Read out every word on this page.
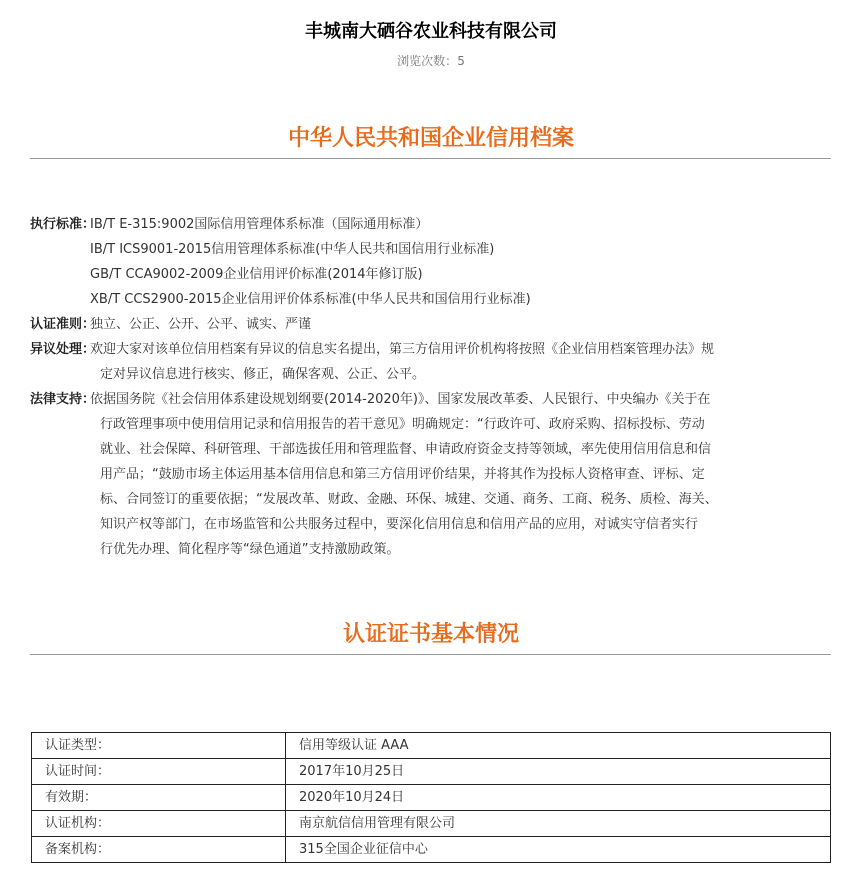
丰城南大硒谷农业科技有限公司
浏览次数：5
中华人民共和国企业信用档案
执行标准：
IB/T E-315:9002国际信用管理体系标准（国际通用标准）
IB/T ICS9001-2015信用管理体系标准(中华人民共和国信用行业标准)
GB/T CCA9002-2009企业信用评价标准(2014年修订版)
XB/T CCS2900-2015企业信用评价体系标准(中华人民共和国信用行业标准)
认证准则：
独立、公正、公开、公平、诚实、严谨
异议处理：
欢迎大家对该单位信用档案有异议的信息实名提出，第三方信用评价机构将按照《企业信用档案管理办法》规
定对异议信息进行核实、修正，确保客观、公正、公平。
法律支持：
依据国务院《社会信用体系建设规划纲要(2014-2020年)》、国家发展改革委、人民银行、中央编办《关于在
行政管理事项中使用信用记录和信用报告的若干意见》明确规定：“行政许可、政府采购、招标投标、劳动
就业、社会保障、科研管理、干部选拔任用和管理监督、申请政府资金支持等领域，率先使用信用信息和信
用产品；“鼓励市场主体运用基本信用信息和第三方信用评价结果，并将其作为投标人资格审查、评标、定
标、合同签订的重要依据；“发展改革、财政、金融、环保、城建、交通、商务、工商、税务、质检、海关、
知识产权等部门，在市场监管和公共服务过程中，要深化信用信息和信用产品的应用，对诚实守信者实行
行优先办理、简化程序等“绿色通道”支持激励政策。
认证证书基本情况
认证类型：	信用等级认证 AAA
认证时间：	2017年10月25日
有效期：	2020年10月24日
认证机构：	南京航信信用管理有限公司
备案机构：	315全国企业征信中心
